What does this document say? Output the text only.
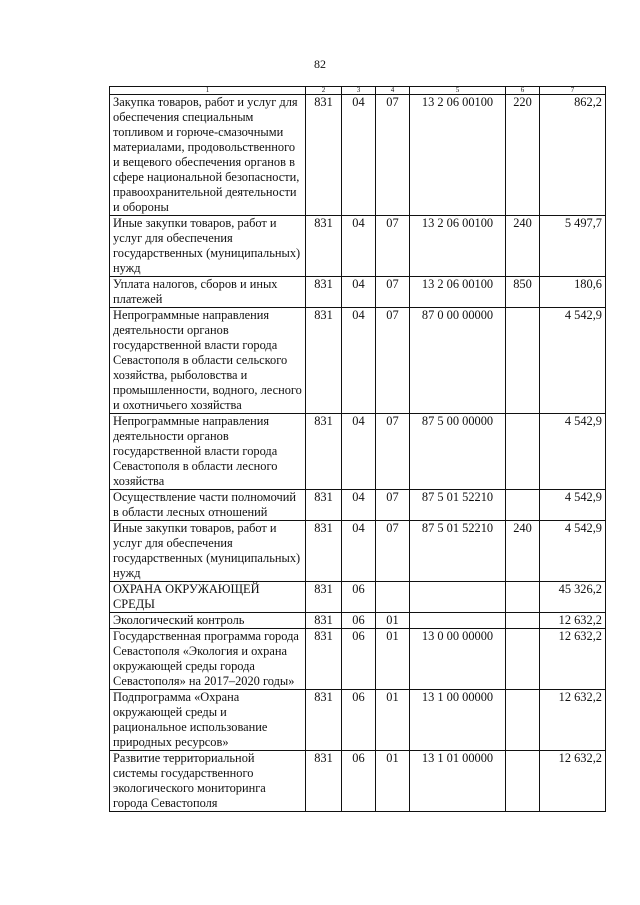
82
1	2	3	4	5	6	7
Закупка товаров, работ и услуг для обеспечения специальным топливом и горюче-смазочными материалами, продовольственного и вещевого обеспечения органов в сфере национальной безопасности, правоохранительной деятельности и обороны	831	04	07	13 2 06 00100	220	862,2
Иные закупки товаров, работ и услуг для обеспечения государственных (муниципальных) нужд	831	04	07	13 2 06 00100	240	5 497,7
Уплата налогов, сборов и иных платежей	831	04	07	13 2 06 00100	850	180,6
Непрограммные направления деятельности органов государственной власти города Севастополя в области сельского хозяйства, рыболовства и промышленности, водного, лесного и охотничьего хозяйства	831	04	07	87 0 00 00000		4 542,9
Непрограммные направления деятельности органов государственной власти города Севастополя в области лесного хозяйства	831	04	07	87 5 00 00000		4 542,9
Осуществление части полномочий в области лесных отношений	831	04	07	87 5 01 52210		4 542,9
Иные закупки товаров, работ и услуг для обеспечения государственных (муниципальных) нужд	831	04	07	87 5 01 52210	240	4 542,9
ОХРАНА ОКРУЖАЮЩЕЙ СРЕДЫ	831	06				45 326,2
Экологический контроль	831	06	01			12 632,2
Государственная программа города Севастополя «Экология и охрана окружающей среды города Севастополя» на 2017–2020 годы»	831	06	01	13 0 00 00000		12 632,2
Подпрограмма «Охрана окружающей среды и рациональное использование природных ресурсов»	831	06	01	13 1 00 00000		12 632,2
Развитие территориальной системы государственного экологического мониторинга города Севастополя	831	06	01	13 1 01 00000		12 632,2
